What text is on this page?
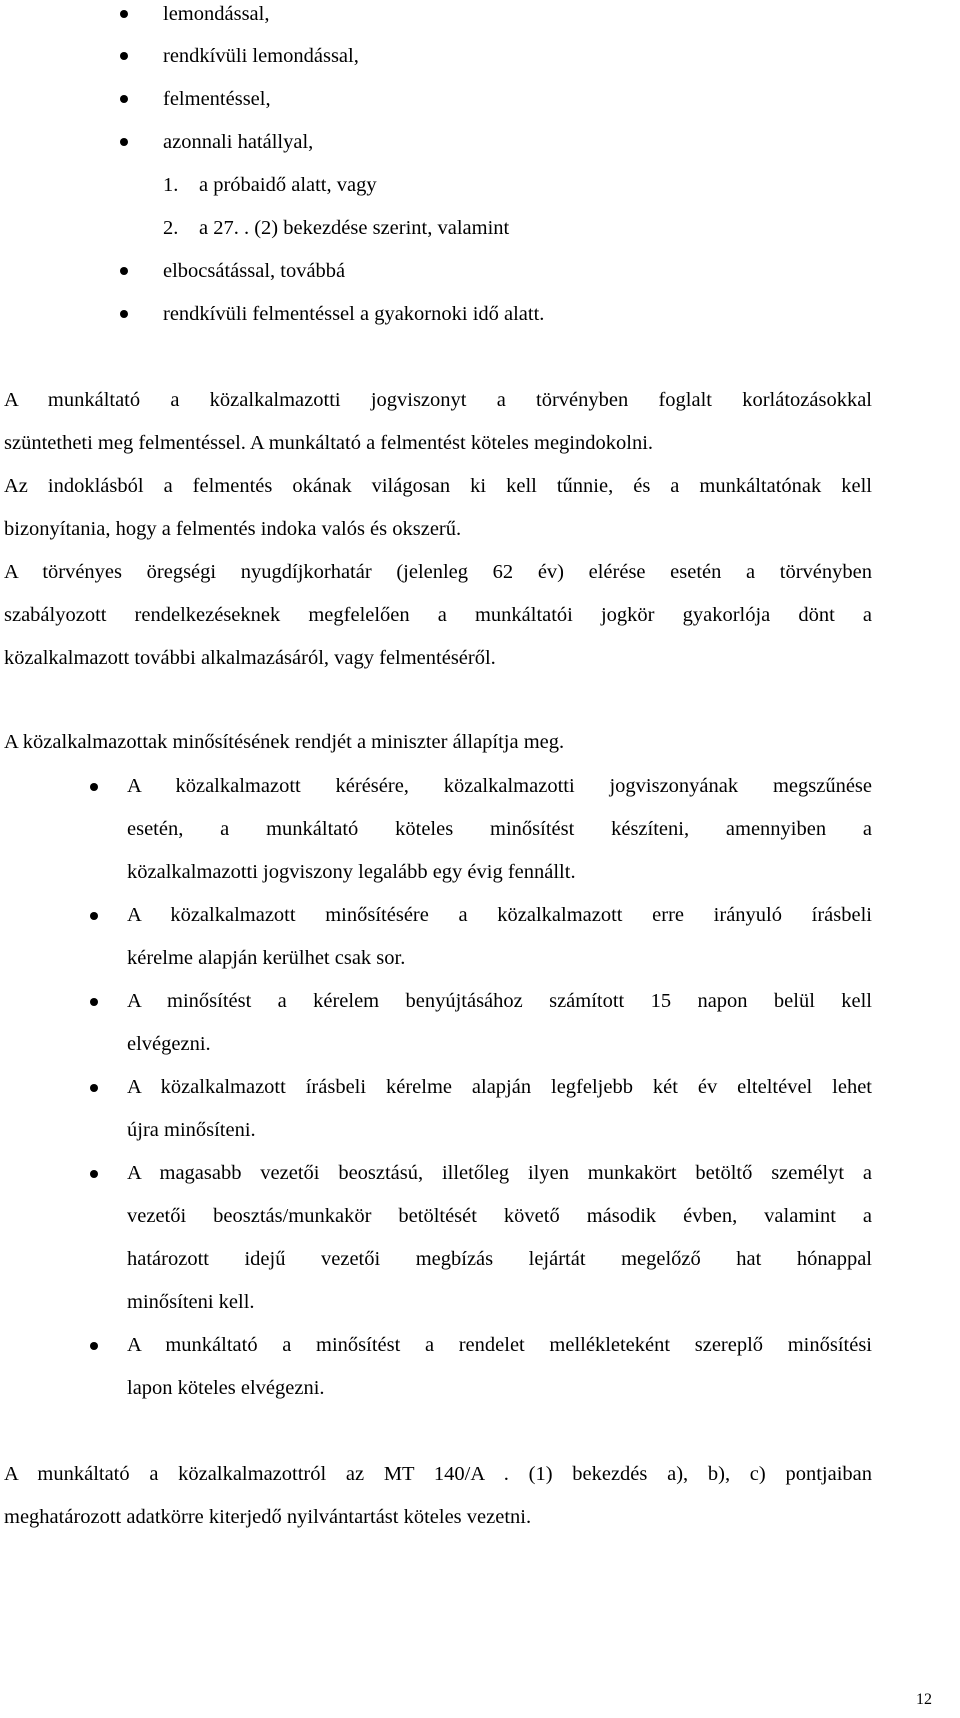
lemondással,
rendkívüli lemondással,
felmentéssel,
azonnali hatállyal,
1. a próbaidő alatt, vagy
2. a 27. . (2) bekezdése szerint, valamint
elbocsátással, továbbá
rendkívüli felmentéssel a gyakornoki idő alatt.
A munkáltató a közalkalmazotti jogviszonyt a törvényben foglalt korlátozásokkal
szüntetheti meg felmentéssel. A munkáltató a felmentést köteles megindokolni.
Az indoklásból a felmentés okának világosan ki kell tűnnie, és a munkáltatónak kell
bizonyítania, hogy a felmentés indoka valós és okszerű.
A törvényes öregségi nyugdíjkorhatár (jelenleg 62 év) elérése esetén a törvényben
szabályozott rendelkezéseknek megfelelően a munkáltatói jogkör gyakorlója dönt a
közalkalmazott további alkalmazásáról, vagy felmentéséről.
A közalkalmazottak minősítésének rendjét a miniszter állapítja meg.
A közalkalmazott kérésére, közalkalmazotti jogviszonyának megszűnése
esetén, a munkáltató köteles minősítést készíteni, amennyiben a
közalkalmazotti jogviszony legalább egy évig fennállt.
A közalkalmazott minősítésére a közalkalmazott erre irányuló írásbeli
kérelme alapján kerülhet csak sor.
A minősítést a kérelem benyújtásához számított 15 napon belül kell
elvégezni.
A közalkalmazott írásbeli kérelme alapján legfeljebb két év elteltével lehet
újra minősíteni.
A magasabb vezetői beosztású, illetőleg ilyen munkakört betöltő személyt a
vezetői beosztás/munkakör betöltését követő második évben, valamint a
határozott idejű vezetői megbízás lejártát megelőző hat hónappal
minősíteni kell.
A munkáltató a minősítést a rendelet mellékleteként szereplő minősítési
lapon köteles elvégezni.
A munkáltató a közalkalmazottról az MT 140/A . (1) bekezdés a), b), c) pontjaiban
meghatározott adatkörre kiterjedő nyilvántartást köteles vezetni.
12
